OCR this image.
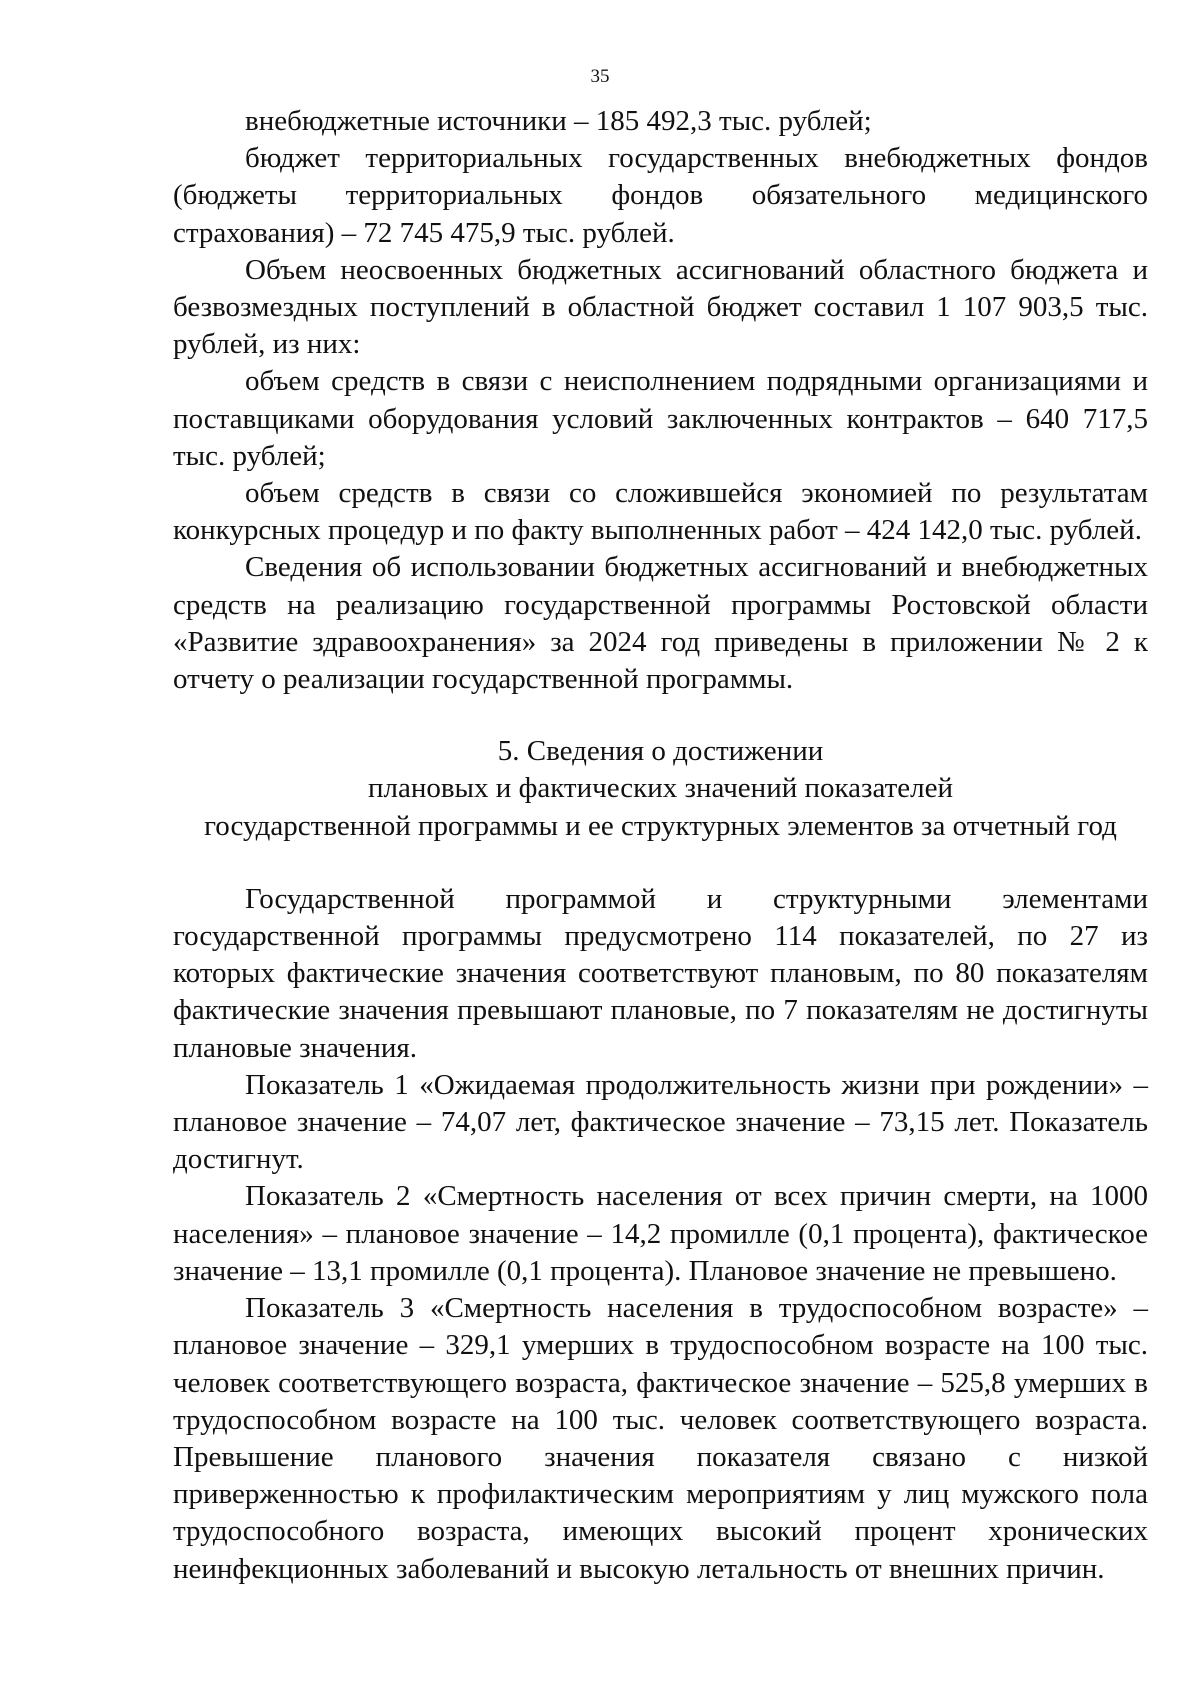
35

внебюджетные источники – 185 492,3 тыс. рублей;

бюджет территориальных государственных внебюджетных фондов (бюджеты территориальных фондов обязательного медицинского страхования) – 72 745 475,9 тыс. рублей.

Объем неосвоенных бюджетных ассигнований областного бюджета и безвозмездных поступлений в областной бюджет составил 1 107 903,5 тыс. рублей, из них:

объем средств в связи с неисполнением подрядными организациями и поставщиками оборудования условий заключенных контрактов – 640 717,5 тыс. рублей;

объем средств в связи со сложившейся экономией по результатам конкурсных процедур и по факту выполненных работ – 424 142,0 тыс. рублей.

Сведения об использовании бюджетных ассигнований и внебюджетных средств на реализацию государственной программы Ростовской области «Развитие здравоохранения» за 2024 год приведены в приложении № 2 к отчету о реализации государственной программы.

5. Сведения о достижении
плановых и фактических значений показателей
государственной программы и ее структурных элементов за отчетный год

Государственной программой и структурными элементами государственной программы предусмотрено 114 показателей, по 27 из которых фактические значения соответствуют плановым, по 80 показателям фактические значения превышают плановые, по 7 показателям не достигнуты плановые значения.

Показатель 1 «Ожидаемая продолжительность жизни при рождении» – плановое значение – 74,07 лет, фактическое значение – 73,15 лет. Показатель достигнут.

Показатель 2 «Смертность населения от всех причин смерти, на 1000 населения» – плановое значение – 14,2 промилле (0,1 процента), фактическое значение – 13,1 промилле (0,1 процента). Плановое значение не превышено.

Показатель 3 «Смертность населения в трудоспособном возрасте» – плановое значение – 329,1 умерших в трудоспособном возрасте на 100 тыс. человек соответствующего возраста, фактическое значение – 525,8 умерших в трудоспособном возрасте на 100 тыс. человек соответствующего возраста. Превышение планового значения показателя связано с низкой приверженностью к профилактическим мероприятиям у лиц мужского пола трудоспособного возраста, имеющих высокий процент хронических неинфекционных заболеваний и высокую летальность от внешних причин.
